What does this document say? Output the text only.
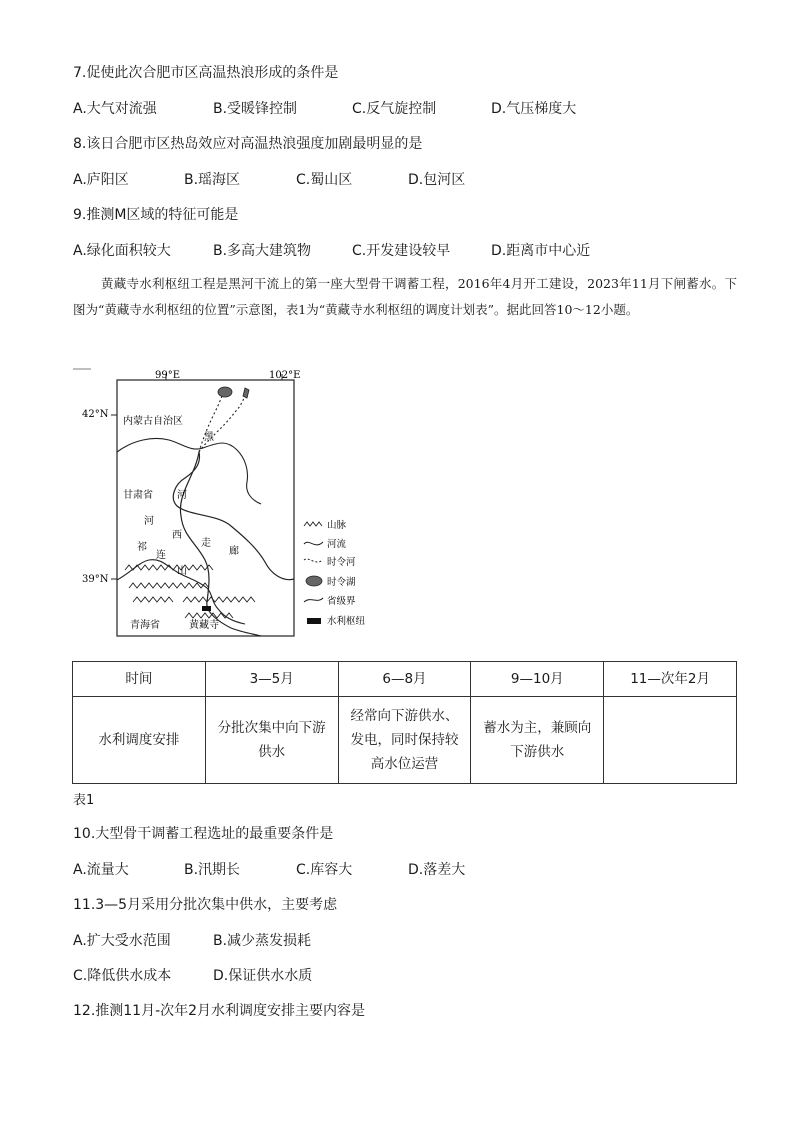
7.促使此次合肥市区高温热浪形成的条件是
A.大气对流强	B.受暖锋控制	C.反气旋控制	D.气压梯度大
8.该日合肥市区热岛效应对高温热浪强度加剧最明显的是
A.庐阳区	B.瑶海区	C.蜀山区	D.包河区
9.推测M区域的特征可能是
A.绿化面积较大	B.多高大建筑物	C.开发建设较早	D.距离市中心近

黄藏寺水利枢纽工程是黑河干流上的第一座大型骨干调蓄工程，2016年4月开工建设，2023年11月下闸蓄水。下图为“黄藏寺水利枢纽的位置”示意图，表1为“黄藏寺水利枢纽的调度计划表”。据此回答10～12小题。

99°E	102°E
42°N
39°N
内蒙古自治区
甘肃省
青海省
黑
河
河
西
走
廊
祁
连
山
黄藏寺
山脉
河流
时令河
时令湖
省级界
水利枢纽
时间	3—5月	6—8月	9—10月	11—次年2月
水利调度安排	分批次集中向下游供水	经常向下游供水、发电，同时保持较高水位运营	蓄水为主，兼顾向下游供水	
表1
10.大型骨干调蓄工程选址的最重要条件是
A.流量大	B.汛期长	C.库容大	D.落差大
11.3—5月采用分批次集中供水，主要考虑
A.扩大受水范围	B.减少蒸发损耗
C.降低供水成本	D.保证供水水质
12.推测11月-次年2月水利调度安排主要内容是
